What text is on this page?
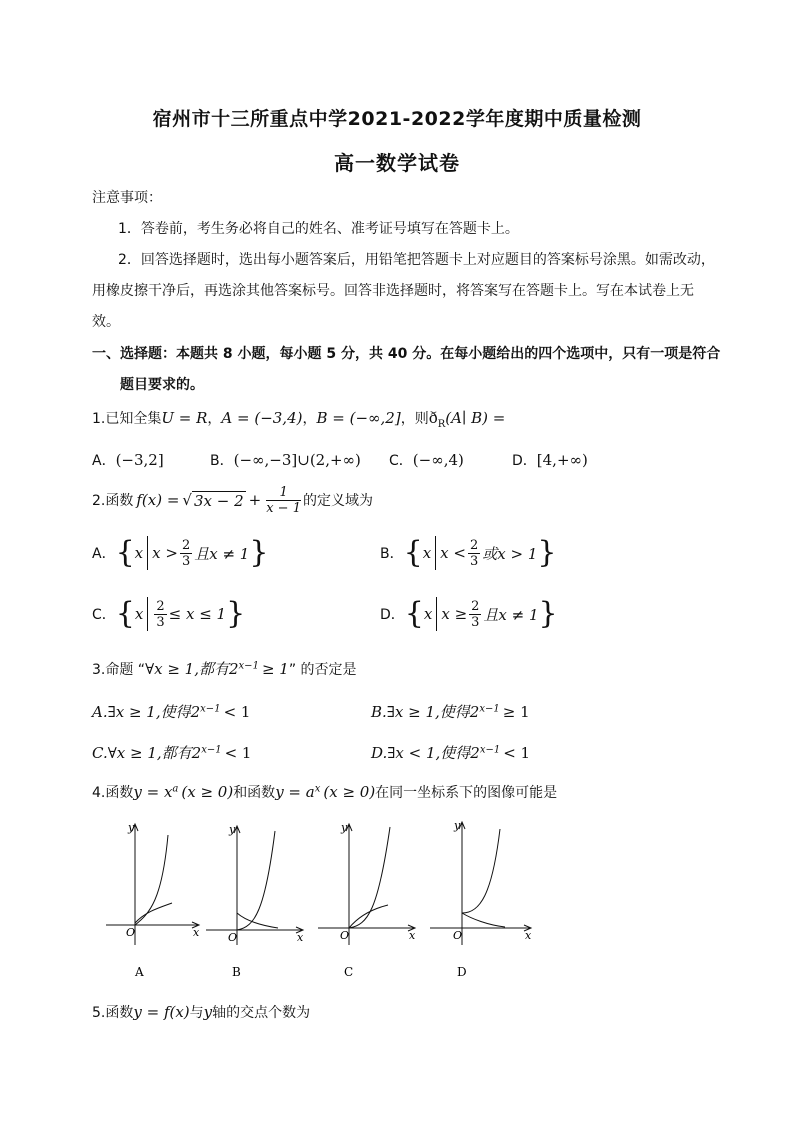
宿州市十三所重点中学2021-2022学年度期中质量检测
高一数学试卷
注意事项：
1．答卷前，考生务必将自己的姓名、准考证号填写在答题卡上。
2．回答选择题时，选出每小题答案后，用铅笔把答题卡上对应题目的答案标号涂黑。如需改动，
用橡皮擦干净后，再选涂其他答案标号。回答非选择题时，将答案写在答题卡上。写在本试卷上无
效。
一、选择题：本题共 8 小题，每小题 5 分，共 40 分。在每小题给出的四个选项中，只有一项是符合
题目要求的。
1.已知全集U = R，A = (−3,4)，B = (−∞,2]，则$ð_R(A∣$ B) =
A．(−3,2]	B．(−∞,−3]∪(2,+∞) C．(−∞,4)	D．[4,+∞)
2.函数 f(x) = √ $3x - 2 + \frac{1}{x - 1}$ 的定义域为
A． { x $x > \frac{2}{3}$ 且x ≠ 1 }	B． { x $x < \frac{2}{3}$ 或x > 1 }
C． { x $\frac{2}{3} \le x \le 1$ }	D． { x $x \ge \frac{2}{3}$ 且x ≠ 1 }
3.命题 “∀x ≥ 1,都有$2^{x-1} \ge 1$” 的否定是
A.∃x ≥ 1,使得$2^{x-1} < 1$	B.∃x ≥ 1,使得$2^{x-1} \ge 1$
C.∀x ≥ 1,都有$2^{x-1} < 1$	D.∃x < 1,使得$2^{x-1} < 1$
4.函数$y = x^a$ (x ≥ 0)和函数$y = a^x$ (x ≥ 0)在同一坐标系下的图像可能是
y
x
O
A
y
x
O
B
y
x
O
C
y
x
O
D
5.函数y = f(x)与y轴的交点个数为
